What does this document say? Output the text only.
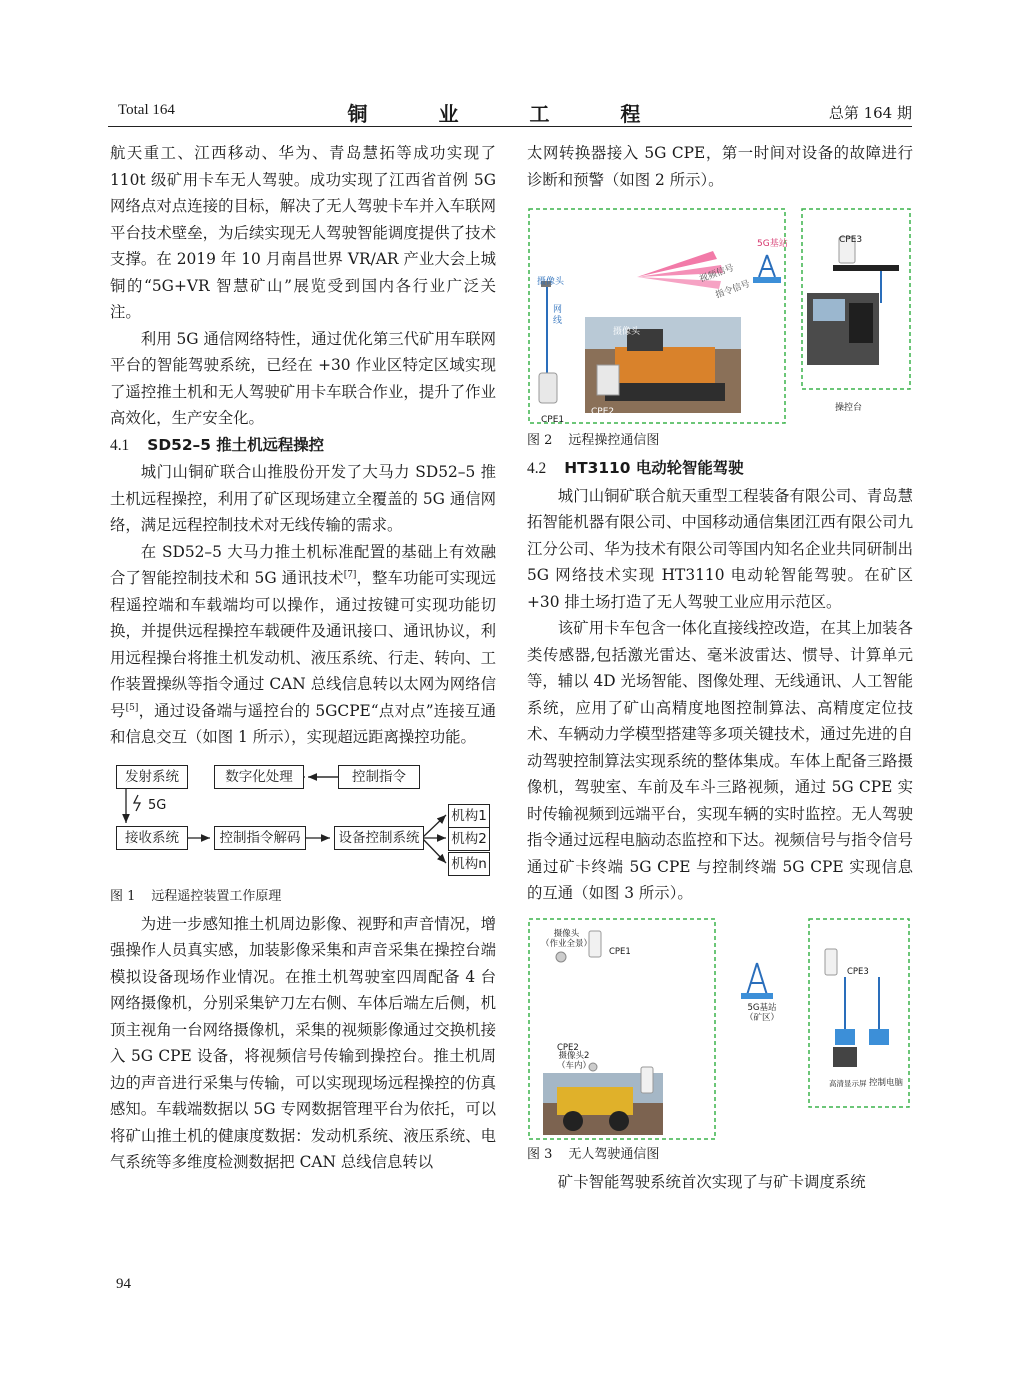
Total 164	铜 业 工 程	总第 164 期

航天重工、江西移动、华为、青岛慧拓等成功实现了 110t 级矿用卡车无人驾驶。成功实现了江西省首例 5G 网络点对点连接的目标，解决了无人驾驶卡车并入车联网平台技术壁垒，为后续实现无人驾驶智能调度提供了技术支撑。在 2019 年 10 月南昌世界 VR/AR 产业大会上城铜的“5G+VR 智慧矿山”展览受到国内各行业广泛关注。

利用 5G 通信网络特性，通过优化第三代矿用车联网平台的智能驾驶系统，已经在 +30 作业区特定区域实现了遥控推土机和无人驾驶矿用卡车联合作业，提升了作业高效化，生产安全化。

4.1 SD52–5 推土机远程操控

城门山铜矿联合山推股份开发了大马力 SD52–5 推土机远程操控，利用了矿区现场建立全覆盖的 5G 通信网络，满足远程控制技术对无线传输的需求。

在 SD52–5 大马力推土机标准配置的基础上有效融合了智能控制技术和 5G 通讯技术[7]，整车功能可实现远程遥控端和车载端均可以操作，通过按键可实现功能切换，并提供远程操控车载硬件及通讯接口、通讯协议，利用远程操台将推土机发动机、液压系统、行走、转向、工作装置操纵等指令通过 CAN 总线信息转以太网为网络信号[5]，通过设备端与遥控台的 5GCPE“点对点”连接互通和信息交互（如图 1 所示），实现超远距离操控功能。

发射系统	数字化处理	控制指令
5G
接收系统	控制指令解码	设备控制系统
机构1
机构2
机构n
图 1 远程遥控装置工作原理

为进一步感知推土机周边影像、视野和声音情况，增强操作人员真实感，加装影像采集和声音采集在操控台端模拟设备现场作业情况。在推土机驾驶室四周配备 4 台网络摄像机，分别采集铲刀左右侧、车体后端左后侧，机顶主视角一台网络摄像机，采集的视频影像通过交换机接入 5G CPE 设备，将视频信号传输到操控台。推土机周边的声音进行采集与传输，可以实现现场远程操控的仿真感知。车载端数据以 5G 专网数据管理平台为依托，可以将矿山推土机的健康度数据：发动机系统、液压系统、电气系统等多维度检测数据把 CAN 总线信息转以

太网转换器接入 5G CPE，第一时间对设备的故障进行诊断和预警（如图 2 所示）。

5G基站	CPE3
视频信号
指令信号
摄像头
网线
摄像头
CPE1
CPE2	操控台
图 2 远程操控通信图
4.2 HT3110 电动轮智能驾驶

城门山铜矿联合航天重型工程装备有限公司、青岛慧拓智能机器有限公司、中国移动通信集团江西有限公司九江分公司、华为技术有限公司等国内知名企业共同研制出 5G 网络技术实现 HT3110 电动轮智能驾驶。在矿区 +30 排土场打造了无人驾驶工业应用示范区。

该矿用卡车包含一体化直接线控改造，在其上加装各类传感器,包括激光雷达、毫米波雷达、惯导、计算单元等，辅以 4D 光场智能、图像处理、无线通讯、人工智能系统，应用了矿山高精度地图控制算法、高精度定位技术、车辆动力学模型搭建等多项关键技术，通过先进的自动驾驶控制算法实现系统的整体集成。车体上配备三路摄像机，驾驶室、车前及车斗三路视频，通过 5G CPE 实时传输视频到远端平台，实现车辆的实时监控。无人驾驶指令通过远程电脑动态监控和下达。视频信号与指令信号通过矿卡终端 5G CPE 与控制终端 5G CPE 实现信息的互通（如图 3 所示）。

摄像头
（作业全景）
CPE1
5G基站
（矿区）
CPE3
CPE2
摄像头2
（车内）
高清显示屏 控制电脑
图 3 无人驾驶通信图

矿卡智能驾驶系统首次实现了与矿卡调度系统

94
